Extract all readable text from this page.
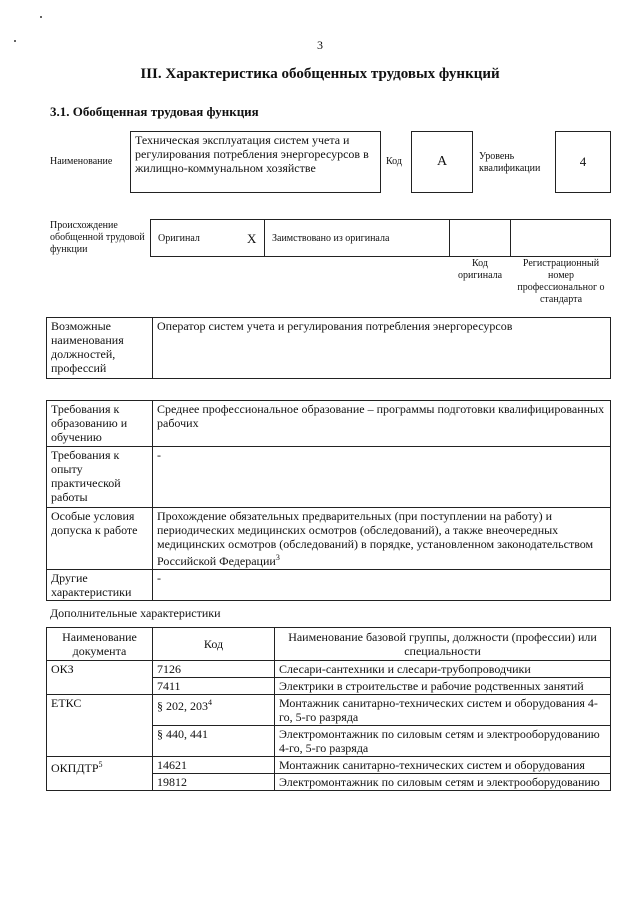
3
III. Характеристика обобщенных трудовых функций
3.1. Обобщенная трудовая функция
Наименование
Техническая эксплуатация систем учета и регулирования потребления энергоресурсов в жилищно-коммунальном хозяйстве	Код	А	Уровень квалификации	4
Происхождение обобщенной трудовой функции
Оригинал	X Заимствовано из оригинала
Код оригинала
Регистрационный номер профессиональног о стандарта
Возможные наименования должностей, профессий	Оператор систем учета и регулирования потребления энергоресурсов
Требования к образованию и обучению	Среднее профессиональное образование – программы подготовки квалифицированных рабочих
Требования к опыту практической работы	-
Особые условия допуска к работе	Прохождение обязательных предварительных (при поступлении на работу) и периодических медицинских осмотров (обследований), а также внеочередных медицинских осмотров (обследований) в порядке, установленном законодательством Российской Федерации$^3$
Другие характеристики	-
Дополнительные характеристики
Наименование документа	Код	Наименование базовой группы, должности (профессии) или специальности
ОКЗ	7126	Слесари-сантехники и слесари-трубопроводчики
	7411	Электрики в строительстве и рабочие родственных занятий
ЕТКС	§ 202, $203^4$	Монтажник санитарно-технических систем и оборудования 4-го, 5-го разряда
	§ 440, 441	Электромонтажник по силовым сетям и электрооборудованию 4-го, 5-го разряда
ОКПДТР$^5$	14621	Монтажник санитарно-технических систем и оборудования
	19812	Электромонтажник по силовым сетям и электрооборудованию
